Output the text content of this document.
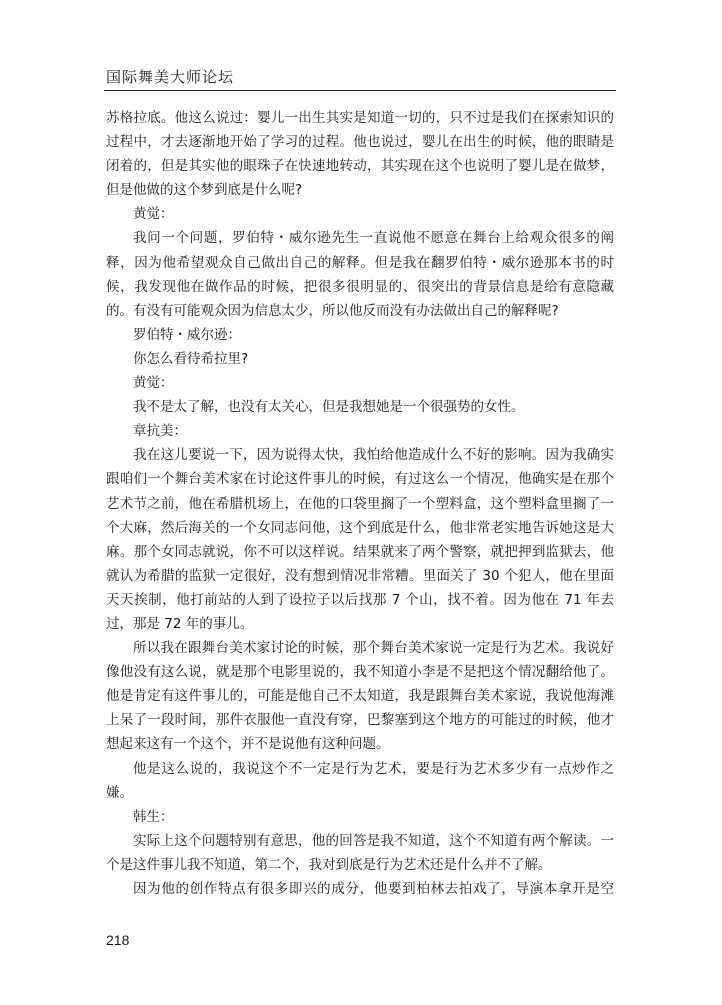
国际舞美大师论坛

苏格拉底。他这么说过：婴儿一出生其实是知道一切的，只不过是我们在探索知识的过程中，才去逐渐地开始了学习的过程。他也说过，婴儿在出生的时候，他的眼睛是闭着的，但是其实他的眼珠子在快速地转动，其实现在这个也说明了婴儿是在做梦，但是他做的这个梦到底是什么呢?

黄觉：

我问一个问题，罗伯特・威尔逊先生一直说他不愿意在舞台上给观众很多的阐释，因为他希望观众自己做出自己的解释。但是我在翻罗伯特・威尔逊那本书的时候，我发现他在做作品的时候，把很多很明显的、很突出的背景信息是给有意隐藏的。有没有可能观众因为信息太少，所以他反而没有办法做出自己的解释呢?

罗伯特・威尔逊：

你怎么看待希拉里?

黄觉：

我不是太了解，也没有太关心，但是我想她是一个很强势的女性。

章抗美：

我在这儿要说一下，因为说得太快，我怕给他造成什么不好的影响。因为我确实跟咱们一个舞台美术家在讨论这件事儿的时候，有过这么一个情况，他确实是在那个艺术节之前，他在希腊机场上，在他的口袋里搁了一个塑料盒，这个塑料盒里搁了一个大麻，然后海关的一个女同志问他，这个到底是什么，他非常老实地告诉她这是大麻。那个女同志就说，你不可以这样说。结果就来了两个警察，就把押到监狱去，他就认为希腊的监狱一定很好，没有想到情况非常糟。里面关了 30 个犯人，他在里面天天挨制，他打前站的人到了设拉子以后找那 7 个山，找不着。因为他在 71 年去过，那是 72 年的事儿。

所以我在跟舞台美术家讨论的时候，那个舞台美术家说一定是行为艺术。我说好像他没有这么说，就是那个电影里说的，我不知道小李是不是把这个情况翻给他了。他是肯定有这件事儿的，可能是他自己不太知道，我是跟舞台美术家说，我说他海滩上呆了一段时间，那件衣服他一直没有穿，巴黎塞到这个地方的可能过的时候，他才想起来这有一个这个，并不是说他有这种问题。

他是这么说的，我说这个不一定是行为艺术，要是行为艺术多少有一点炒作之嫌。

韩生：

实际上这个问题特别有意思，他的回答是我不知道，这个不知道有两个解读。一个是这件事儿我不知道，第二个，我对到底是行为艺术还是什么并不了解。

因为他的创作特点有很多即兴的成分，他要到柏林去拍戏了，导演本拿开是空

218
